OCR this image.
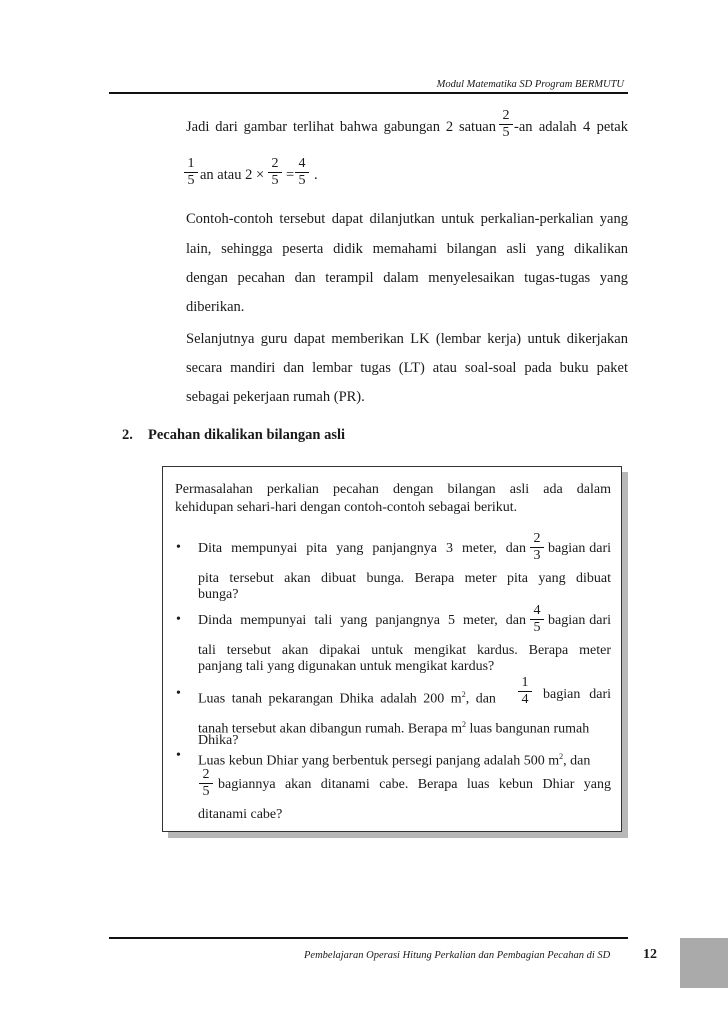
Modul Matematika SD Program BERMUTU
Jadi dari gambar terlihat bahwa gabungan 2 satuan
2
5 -an adalah 4 petak
1
5 an atau 2 ×
2
5 =
4
5 .
Contoh-contoh tersebut dapat dilanjutkan untuk perkalian-perkalian yang
lain, sehingga peserta didik memahami bilangan asli yang dikalikan
dengan pecahan dan terampil dalam menyelesaikan tugas-tugas yang
diberikan.
Selanjutnya guru dapat memberikan LK (lembar kerja) untuk dikerjakan
secara mandiri dan lembar tugas (LT) atau soal-soal pada buku paket
sebagai pekerjaan rumah (PR).
2. Pecahan dikalikan bilangan asli
Permasalahan perkalian pecahan dengan bilangan asli ada dalam
kehidupan sehari-hari dengan contoh-contoh sebagai berikut.
• Dita mempunyai pita yang panjangnya 3 meter, dan
2
3 bagian dari
pita tersebut akan dibuat bunga. Berapa meter pita yang dibuat
bunga?
• Dinda mempunyai tali yang panjangnya 5 meter, dan
4
5 bagian dari
tali tersebut akan dipakai untuk mengikat kardus. Berapa meter
panjang tali yang digunakan untuk mengikat kardus?
• Luas tanah pekarangan Dhika adalah 200 $m^2$, dan
1
4 bagian dari
tanah tersebut akan dibangun rumah. Berapa $m^2$ luas bangunan rumah
Dhika?
• Luas kebun Dhiar yang berbentuk persegi panjang adalah 500 $m^2$, dan
2
5 bagiannya akan ditanami cabe. Berapa luas kebun Dhiar yang
ditanami cabe?
Pembelajaran Operasi Hitung Perkalian dan Pembagian Pecahan di SD 12
